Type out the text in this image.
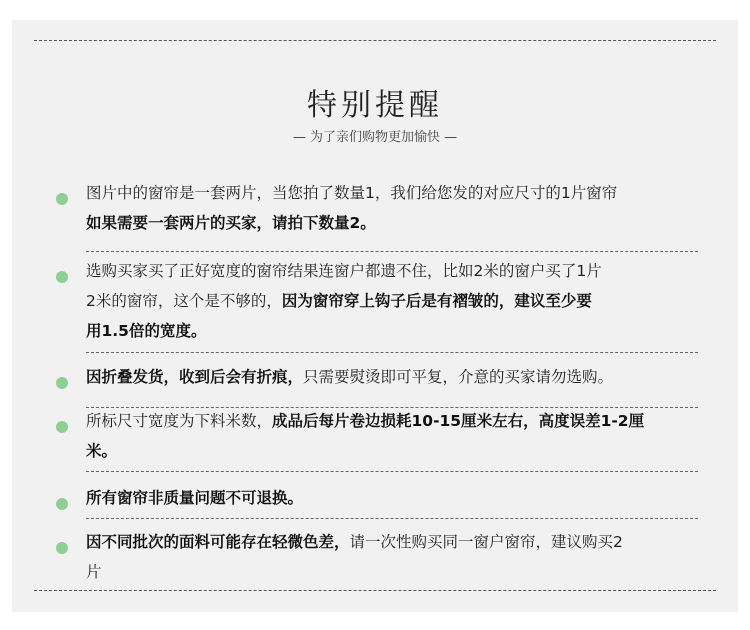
特别提醒
— 为了亲们购物更加愉快 —
图片中的窗帘是一套两片，当您拍了数量1，我们给您发的对应尺寸的1片窗帘
如果需要一套两片的买家，请拍下数量2。
选购买家买了正好宽度的窗帘结果连窗户都遗不住，比如2米的窗户买了1片
2米的窗帘，这个是不够的，因为窗帘穿上钩子后是有褶皱的，建议至少要
用1.5倍的宽度。
因折叠发货，收到后会有折痕，只需要熨烫即可平复，介意的买家请勿选购。
所标尺寸宽度为下料米数，成品后每片卷边损耗10-15厘米左右，高度误差1-2厘
米。
所有窗帘非质量问题不可退换。
因不同批次的面料可能存在轻微色差，请一次性购买同一窗户窗帘，建议购买2
片
